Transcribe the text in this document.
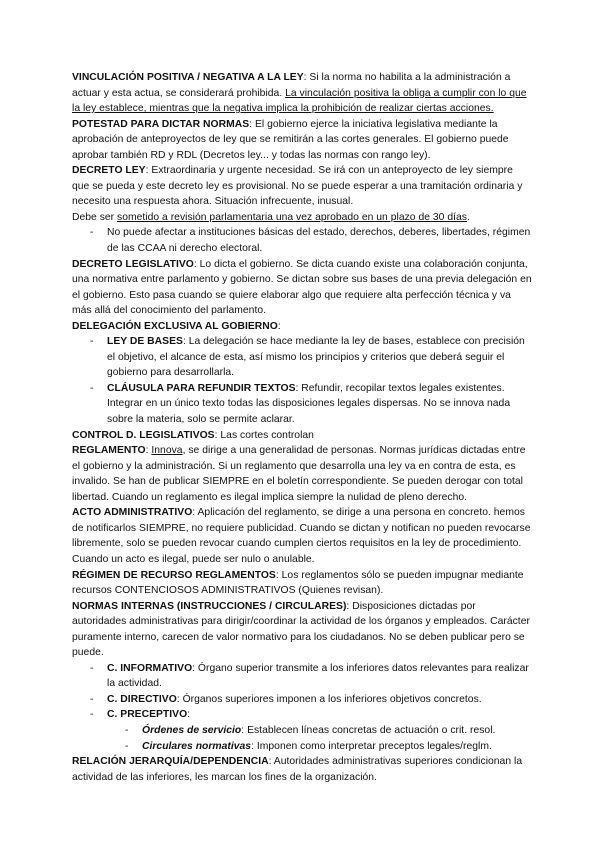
VINCULACIÓN POSITIVA / NEGATIVA A LA LEY: Si la norma no habilita a la administración a actuar y esta actua, se considerará prohibida. La vinculación positiva la obliga a cumplir con lo que la ley establece, mientras que la negativa implica la prohibición de realizar ciertas acciones.

POTESTAD PARA DICTAR NORMAS: El gobierno ejerce la iniciativa legislativa mediante la aprobación de anteproyectos de ley que se remitirán a las cortes generales. El gobierno puede aprobar también RD y RDL (Decretos ley... y todas las normas con rango ley).

DECRETO LEY: Extraordinaria y urgente necesidad. Se irá con un anteproyecto de ley siempre que se pueda y este decreto ley es provisional. No se puede esperar a una tramitación ordinaria y necesito una respuesta ahora. Situación infrecuente, inusual.

Debe ser sometido a revisión parlamentaria una vez aprobado en un plazo de 30 días.

- No puede afectar a instituciones básicas del estado, derechos, deberes, libertades, régimen de las CCAA ni derecho electoral.

DECRETO LEGISLATIVO: Lo dicta el gobierno. Se dicta cuando existe una colaboración conjunta, una normativa entre parlamento y gobierno. Se dictan sobre sus bases de una previa delegación en el gobierno. Esto pasa cuando se quiere elaborar algo que requiere alta perfección técnica y va más allá del conocimiento del parlamento.

DELEGACIÓN EXCLUSIVA AL GOBIERNO:

- LEY DE BASES: La delegación se hace mediante la ley de bases, establece con precisión el objetivo, el alcance de esta, así mismo los principios y criterios que deberá seguir el gobierno para desarrollarla.
- CLÁUSULA PARA REFUNDIR TEXTOS: Refundir, recopilar textos legales existentes. Integrar en un único texto todas las disposiciones legales dispersas. No se innova nada sobre la materia, solo se permite aclarar.

CONTROL D. LEGISLATIVOS: Las cortes controlan

REGLAMENTO: Innova, se dirige a una generalidad de personas. Normas jurídicas dictadas entre el gobierno y la administración. Si un reglamento que desarrolla una ley va en contra de esta, es invalido. Se han de publicar SIEMPRE en el boletín correspondiente. Se pueden derogar con total libertad. Cuando un reglamento es ilegal implica siempre la nulidad de pleno derecho.

ACTO ADMINISTRATIVO: Aplicación del reglamento, se dirige a una persona en concreto. hemos de notificarlos SIEMPRE, no requiere publicidad. Cuando se dictan y notifican no pueden revocarse libremente, solo se pueden revocar cuando cumplen ciertos requisitos en la ley de procedimiento. Cuando un acto es ilegal, puede ser nulo o anulable.

RÉGIMEN DE RECURSO REGLAMENTOS: Los reglamentos sólo se pueden impugnar mediante recursos CONTENCIOSOS ADMINISTRATIVOS (Quienes revisan).

NORMAS INTERNAS (INSTRUCCIONES / CIRCULARES): Disposiciones dictadas por autoridades administrativas para dirigir/coordinar la actividad de los órganos y empleados. Carácter puramente interno, carecen de valor normativo para los ciudadanos. No se deben publicar pero se puede.

- C. INFORMATIVO: Órgano superior transmite a los inferiores datos relevantes para realizar la actividad.
- C. DIRECTIVO: Órganos superiores imponen a los inferiores objetivos concretos.
- C. PRECEPTIVO:
- Órdenes de servicio: Establecen líneas concretas de actuación o crit. resol.
- Circulares normativas: Imponen como interpretar preceptos legales/reglm.

RELACIÓN JERARQUÍA/DEPENDENCIA: Autoridades administrativas superiores condicionan la actividad de las inferiores, les marcan los fines de la organización.
